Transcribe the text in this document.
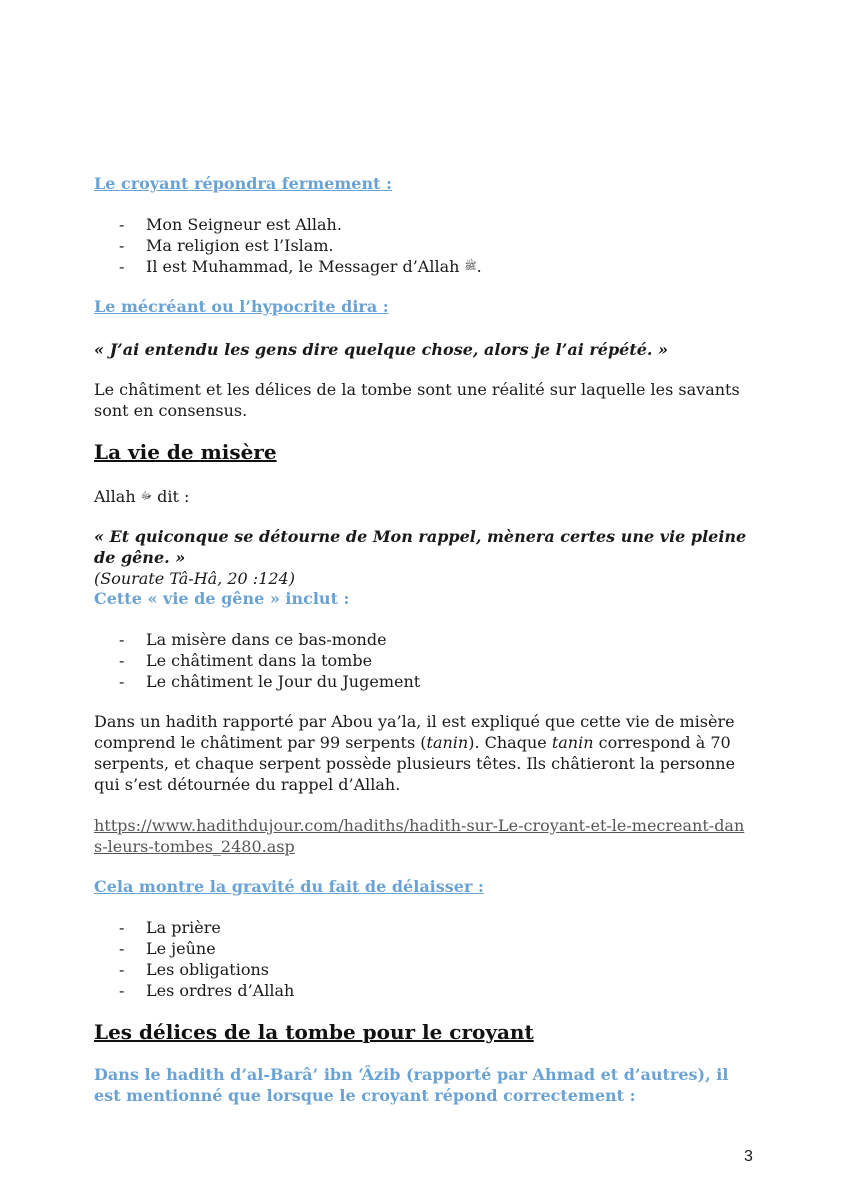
Le croyant répondra fermement :
- Mon Seigneur est Allah.
- Ma religion est l’Islam.
- Il est Muhammad, le Messager d’Allah ﷺ.
Le mécréant ou l’hypocrite dira :
« J’ai entendu les gens dire quelque chose, alors je l’ai répété. »
Le châtiment et les délices de la tombe sont une réalité sur laquelle les savants sont en consensus.
La vie de misère
Allah ﷻ dit :
« Et quiconque se détourne de Mon rappel, mènera certes une vie pleine de gêne. »
(Sourate Tâ-Hâ, 20 :124)
Cette « vie de gêne » inclut :
- La misère dans ce bas-monde
- Le châtiment dans la tombe
- Le châtiment le Jour du Jugement
Dans un hadith rapporté par Abou ya’la, il est expliqué que cette vie de misère comprend le châtiment par 99 serpents (tanin). Chaque tanin correspond à 70 serpents, et chaque serpent possède plusieurs têtes. Ils châtieront la personne qui s’est détournée du rappel d’Allah.
https://www.hadithdujour.com/hadiths/hadith-sur-Le-croyant-et-le-mecreant-dans-leurs-tombes_2480.asp
Cela montre la gravité du fait de délaisser :
- La prière
- Le jeûne
- Les obligations
- Les ordres d’Allah
Les délices de la tombe pour le croyant
Dans le hadith d’al-Barâ’ ibn ‘Âzib (rapporté par Ahmad et d’autres), il est mentionné que lorsque le croyant répond correctement :
3
